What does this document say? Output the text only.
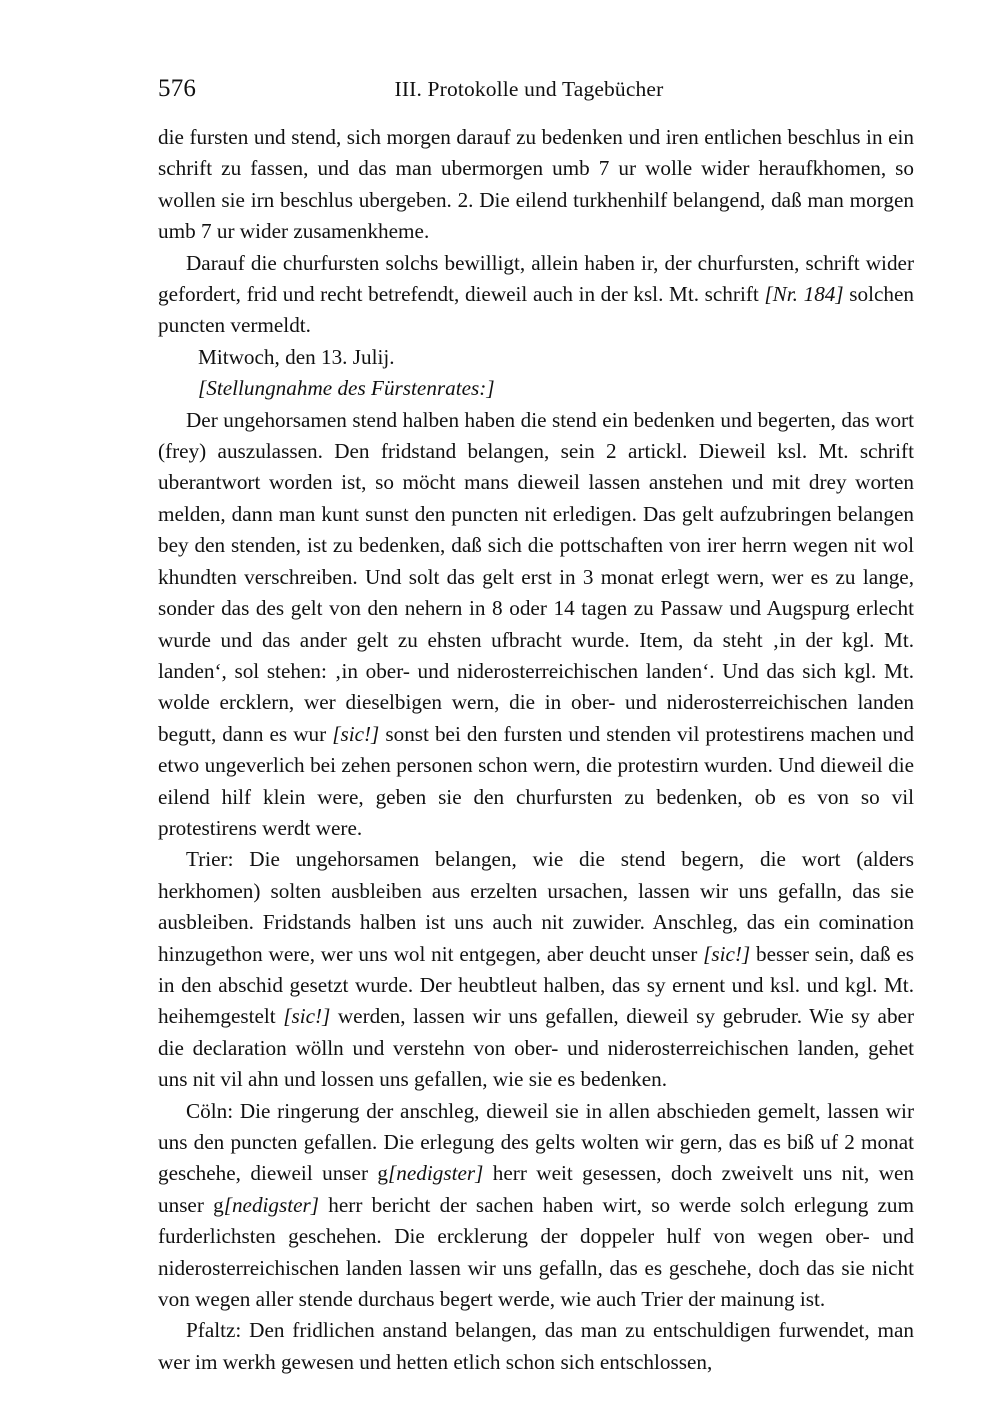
576	III. Protokolle und Tagebücher

die fursten und stend, sich morgen darauf zu bedenken und iren entlichen beschlus in ein schrift zu fassen, und das man ubermorgen umb 7 ur wolle wider heraufkhomen, so wollen sie irn beschlus ubergeben. 2. Die eilend turkhenhilf belangend, daß man morgen umb 7 ur wider zusamenkheme.

Darauf die churfursten solchs bewilligt, allein haben ir, der churfursten, schrift wider gefordert, frid und recht betrefendt, dieweil auch in der ksl. Mt. schrift [Nr. 184] solchen puncten vermeldt.

Mitwoch, den 13. Julij.

[Stellungnahme des Fürstenrates:]

Der ungehorsamen stend halben haben die stend ein bedenken und begerten, das wort (frey) auszulassen. Den fridstand belangen, sein 2 artickl. Dieweil ksl. Mt. schrift uberantwort worden ist, so möcht mans dieweil lassen anstehen und mit drey worten melden, dann man kunt sunst den puncten nit erledigen. Das gelt aufzubringen belangen bey den stenden, ist zu bedenken, daß sich die pottschaften von irer herrn wegen nit wol khundten verschreiben. Und solt das gelt erst in 3 monat erlegt wern, wer es zu lange, sonder das des gelt von den nehern in 8 oder 14 tagen zu Passaw und Augspurg erlecht wurde und das ander gelt zu ehsten ufbracht wurde. Item, da steht ‚in der kgl. Mt. landen‘, sol stehen: ‚in ober- und niderosterreichischen landen‘. Und das sich kgl. Mt. wolde ercklern, wer dieselbigen wern, die in ober- und niderosterreichischen landen begutt, dann es wur [sic!] sonst bei den fursten und stenden vil protestirens machen und etwo ungeverlich bei zehen personen schon wern, die protestirn wurden. Und dieweil die eilend hilf klein were, geben sie den churfursten zu bedenken, ob es von so vil protestirens werdt were.

Trier: Die ungehorsamen belangen, wie die stend begern, die wort (alders herkhomen) solten ausbleiben aus erzelten ursachen, lassen wir uns gefalln, das sie ausbleiben. Fridstands halben ist uns auch nit zuwider. Anschleg, das ein comination hinzugethon were, wer uns wol nit entgegen, aber deucht unser [sic!] besser sein, daß es in den abschid gesetzt wurde. Der heubtleut halben, das sy ernent und ksl. und kgl. Mt. heihemgestelt [sic!] werden, lassen wir uns gefallen, dieweil sy gebruder. Wie sy aber die declaration wölln und verstehn von ober- und niderosterreichischen landen, gehet uns nit vil ahn und lossen uns gefallen, wie sie es bedenken.

Cöln: Die ringerung der anschleg, dieweil sie in allen abschieden gemelt, lassen wir uns den puncten gefallen. Die erlegung des gelts wolten wir gern, das es biß uf 2 monat geschehe, dieweil unser g[nedigster] herr weit gesessen, doch zweivelt uns nit, wen unser g[nedigster] herr bericht der sachen haben wirt, so werde solch erlegung zum furderlichsten geschehen. Die ercklerung der doppeler hulf von wegen ober- und niderosterreichischen landen lassen wir uns gefalln, das es geschehe, doch das sie nicht von wegen aller stende durchaus begert werde, wie auch Trier der mainung ist.

Pfaltz: Den fridlichen anstand belangen, das man zu entschuldigen furwendet, man wer im werkh gewesen und hetten etlich schon sich entschlossen,
